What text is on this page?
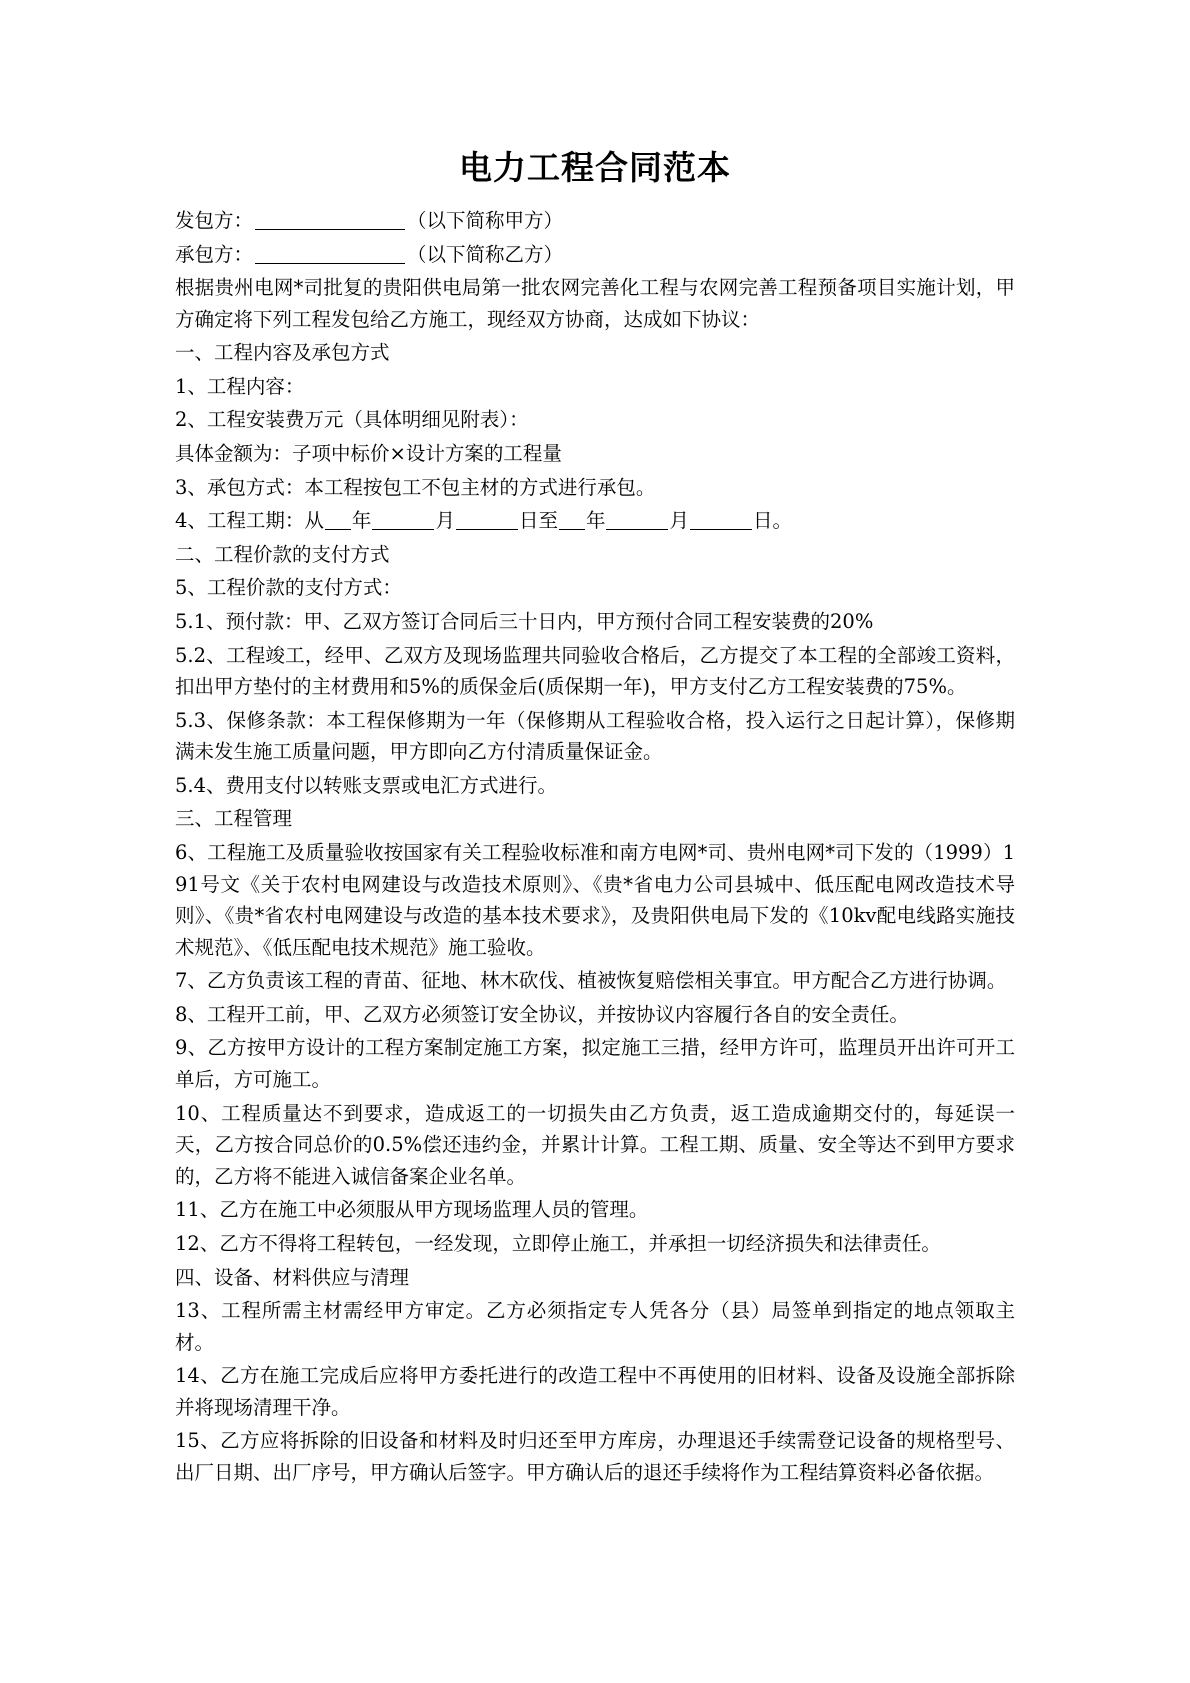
电力工程合同范本
发包方：	（以下简称甲方）
承包方：	（以下简称乙方）

根据贵州电网*司批复的贵阳供电局第一批农网完善化工程与农网完善工程预备项目实施计划，甲方确定将下列工程发包给乙方施工，现经双方协商，达成如下协议：

一、工程内容及承包方式

1、工程内容：

2、工程安装费万元（具体明细见附表）：

具体金额为：子项中标价×设计方案的工程量

3、承包方式：本工程按包工不包主材的方式进行承包。

4、工程工期：从 年	月	日至 年	月	日。

二、工程价款的支付方式

5、工程价款的支付方式：

5.1、预付款：甲、乙双方签订合同后三十日内，甲方预付合同工程安装费的20%

5.2、工程竣工，经甲、乙双方及现场监理共同验收合格后，乙方提交了本工程的全部竣工资料，扣出甲方垫付的主材费用和5%的质保金后(质保期一年)，甲方支付乙方工程安装费的75%。

5.3、保修条款：本工程保修期为一年（保修期从工程验收合格，投入运行之日起计算），保修期满未发生施工质量问题，甲方即向乙方付清质量保证金。

5.4、费用支付以转账支票或电汇方式进行。

三、工程管理

6、工程施工及质量验收按国家有关工程验收标准和南方电网*司、贵州电网*司下发的（1999）191号文《关于农村电网建设与改造技术原则》、《贵*省电力公司县城中、低压配电网改造技术导则》、《贵*省农村电网建设与改造的基本技术要求》，及贵阳供电局下发的《10kv配电线路实施技术规范》、《低压配电技术规范》施工验收。

7、乙方负责该工程的青苗、征地、林木砍伐、植被恢复赔偿相关事宜。甲方配合乙方进行协调。

8、工程开工前，甲、乙双方必须签订安全协议，并按协议内容履行各自的安全责任。

9、乙方按甲方设计的工程方案制定施工方案，拟定施工三措，经甲方许可，监理员开出许可开工单后，方可施工。

10、工程质量达不到要求，造成返工的一切损失由乙方负责，返工造成逾期交付的，每延误一天，乙方按合同总价的0.5%偿还违约金，并累计计算。工程工期、质量、安全等达不到甲方要求的，乙方将不能进入诚信备案企业名单。

11、乙方在施工中必须服从甲方现场监理人员的管理。

12、乙方不得将工程转包，一经发现，立即停止施工，并承担一切经济损失和法律责任。

四、设备、材料供应与清理

13、工程所需主材需经甲方审定。乙方必须指定专人凭各分（县）局签单到指定的地点领取主材。

14、乙方在施工完成后应将甲方委托进行的改造工程中不再使用的旧材料、设备及设施全部拆除并将现场清理干净。

15、乙方应将拆除的旧设备和材料及时归还至甲方库房，办理退还手续需登记设备的规格型号、出厂日期、出厂序号，甲方确认后签字。甲方确认后的退还手续将作为工程结算资料必备依据。
